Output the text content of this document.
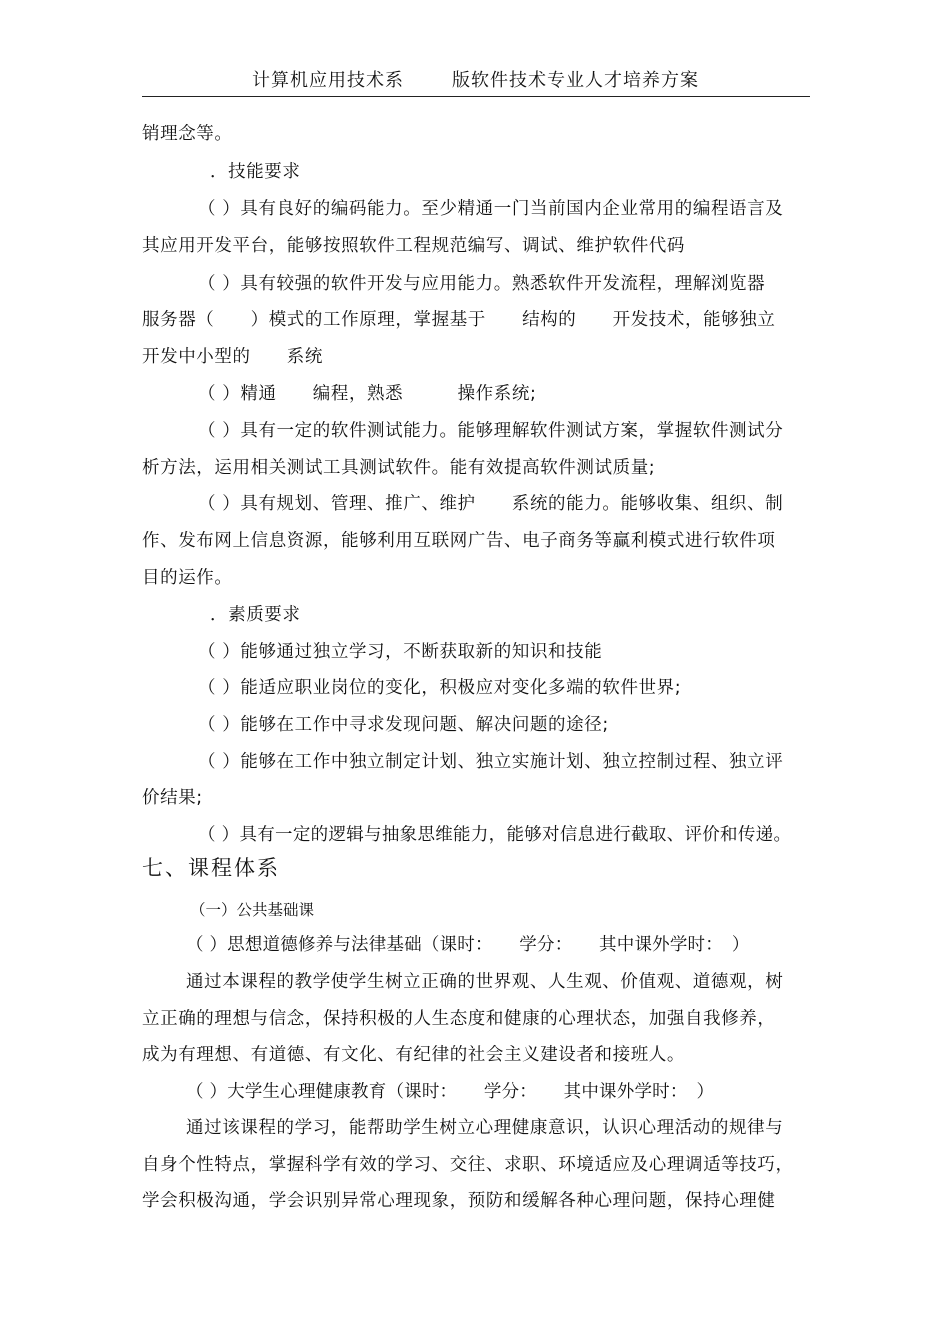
计算机应用技术系	版软件技术专业人才培养方案
销理念等。
．技能要求
（ ）具有良好的编码能力。至少精通一门当前国内企业常用的编程语言及
其应用开发平台，能够按照软件工程规范编写、调试、维护软件代码
（ ）具有较强的软件开发与应用能力。熟悉软件开发流程，理解浏览器
服务器（　　）模式的工作原理，掌握基于　　结构的　　开发技术，能够独立
开发中小型的　　系统
（ ）精通　　编程，熟悉　　　操作系统;
（ ）具有一定的软件测试能力。能够理解软件测试方案，掌握软件测试分
析方法，运用相关测试工具测试软件。能有效提高软件测试质量;
（ ）具有规划、管理、推广、维护　　系统的能力。能够收集、组织、制
作、发布网上信息资源，能够利用互联网广告、电子商务等赢利模式进行软件项
目的运作。
．素质要求
（ ）能够通过独立学习，不断获取新的知识和技能
（ ）能适应职业岗位的变化，积极应对变化多端的软件世界;
（ ）能够在工作中寻求发现问题、解决问题的途径;
（ ）能够在工作中独立制定计划、独立实施计划、独立控制过程、独立评
价结果;
（ ）具有一定的逻辑与抽象思维能力，能够对信息进行截取、评价和传递。
七、课程体系
（一）公共基础课
（ ）思想道德修养与法律基础（课时：　　学分：　　其中课外学时：　）
通过本课程的教学使学生树立正确的世界观、人生观、价值观、道德观，树
立正确的理想与信念，保持积极的人生态度和健康的心理状态，加强自我修养，
成为有理想、有道德、有文化、有纪律的社会主义建设者和接班人。
（ ）大学生心理健康教育（课时：　　学分：　　其中课外学时：　）
通过该课程的学习，能帮助学生树立心理健康意识，认识心理活动的规律与
自身个性特点，掌握科学有效的学习、交往、求职、环境适应及心理调适等技巧，
学会积极沟通，学会识别异常心理现象，预防和缓解各种心理问题，保持心理健
